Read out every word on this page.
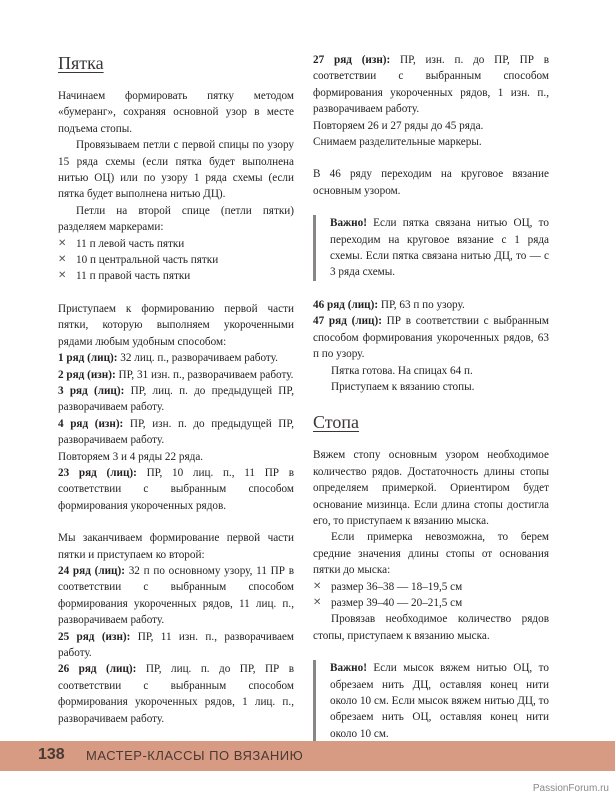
Пятка

Начинаем формировать пятку методом «бумеранг», сохраняя основной узор в месте подъема стопы.

Провязываем петли с первой спицы по узору 15 ряда схемы (если пятка будет выполнена нитью ОЦ) или по узору 1 ряда схемы (если пятка будет выполнена нитью ДЦ).

Петли на второй спице (петли пятки) разделяем маркерами:

✕ 11 п левой часть пятки
✕ 10 п центральной часть пятки
✕ 11 п правой часть пятки

Приступаем к формированию первой части пятки, которую выполняем укороченными рядами любым удобным способом:

1 ряд (лиц): 32 лиц. п., разворачиваем работу.

2 ряд (изн): ПР, 31 изн. п., разворачиваем работу.

3 ряд (лиц): ПР, лиц. п. до предыдущей ПР, разворачиваем работу.

4 ряд (изн): ПР, изн. п. до предыдущей ПР, разворачиваем работу.

Повторяем 3 и 4 ряды 22 ряда.

23 ряд (лиц): ПР, 10 лиц. п., 11 ПР в соответствии с выбранным способом формирования укороченных рядов.

Мы заканчиваем формирование первой части пятки и приступаем ко второй:

24 ряд (лиц): 32 п по основному узору, 11 ПР в соответствии с выбранным способом формирования укороченных рядов, 11 лиц. п., разворачиваем работу.

25 ряд (изн): ПР, 11 изн. п., разворачиваем работу.

26 ряд (лиц): ПР, лиц. п. до ПР, ПР в соответствии с выбранным способом формирования укороченных рядов, 1 лиц. п., разворачиваем работу.

27 ряд (изн): ПР, изн. п. до ПР, ПР в соответствии с выбранным способом формирования укороченных рядов, 1 изн. п., разворачиваем работу.

Повторяем 26 и 27 ряды до 45 ряда.

Снимаем разделительные маркеры.

В 46 ряду переходим на круговое вязание основным узором.

Важно! Если пятка связана нитью ОЦ, то переходим на круговое вязание с 1 ряда схемы. Если пятка связана нитью ДЦ, то — с 3 ряда схемы.

46 ряд (лиц): ПР, 63 п по узору.

47 ряд (лиц): ПР в соответствии с выбранным способом формирования укороченных рядов, 63 п по узору.

Пятка готова. На спицах 64 п.

Приступаем к вязанию стопы.

Стопа

Вяжем стопу основным узором необходимое количество рядов. Достаточность длины стопы определяем примеркой. Ориентиром будет основание мизинца. Если длина стопы достигла его, то приступаем к вязанию мыска.

Если примерка невозможна, то берем средние значения длины стопы от основания пятки до мыска:

✕ размер 36–38 — 18–19,5 см
✕ размер 39–40 — 20–21,5 см

Провязав необходимое количество рядов стопы, приступаем к вязанию мыска.

Важно! Если мысок вяжем нитью ОЦ, то обрезаем нить ДЦ, оставляя конец нити около 10 см. Если мысок вяжем нитью ДЦ, то обрезаем нить ОЦ, оставляя конец нити около 10 см.

138 МАСТЕР-КЛАССЫ ПО ВЯЗАНИЮ
PassionForum.ru
